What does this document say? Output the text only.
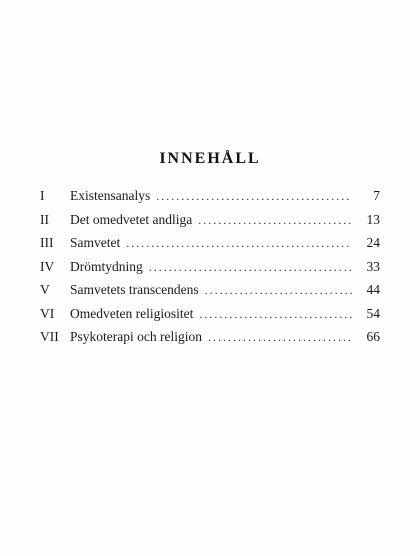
INNEHÅLL
I	Existensanalys . . .	7
II	Det omedvetet andliga . . .	13
III	Samvetet . . .	24
IV	Drömtydning . . .	33
V	Samvetets transcendens . . .	44
VI	Omedveten religiositet . . .	54
VII Psykoterapi och religion . . .	66
